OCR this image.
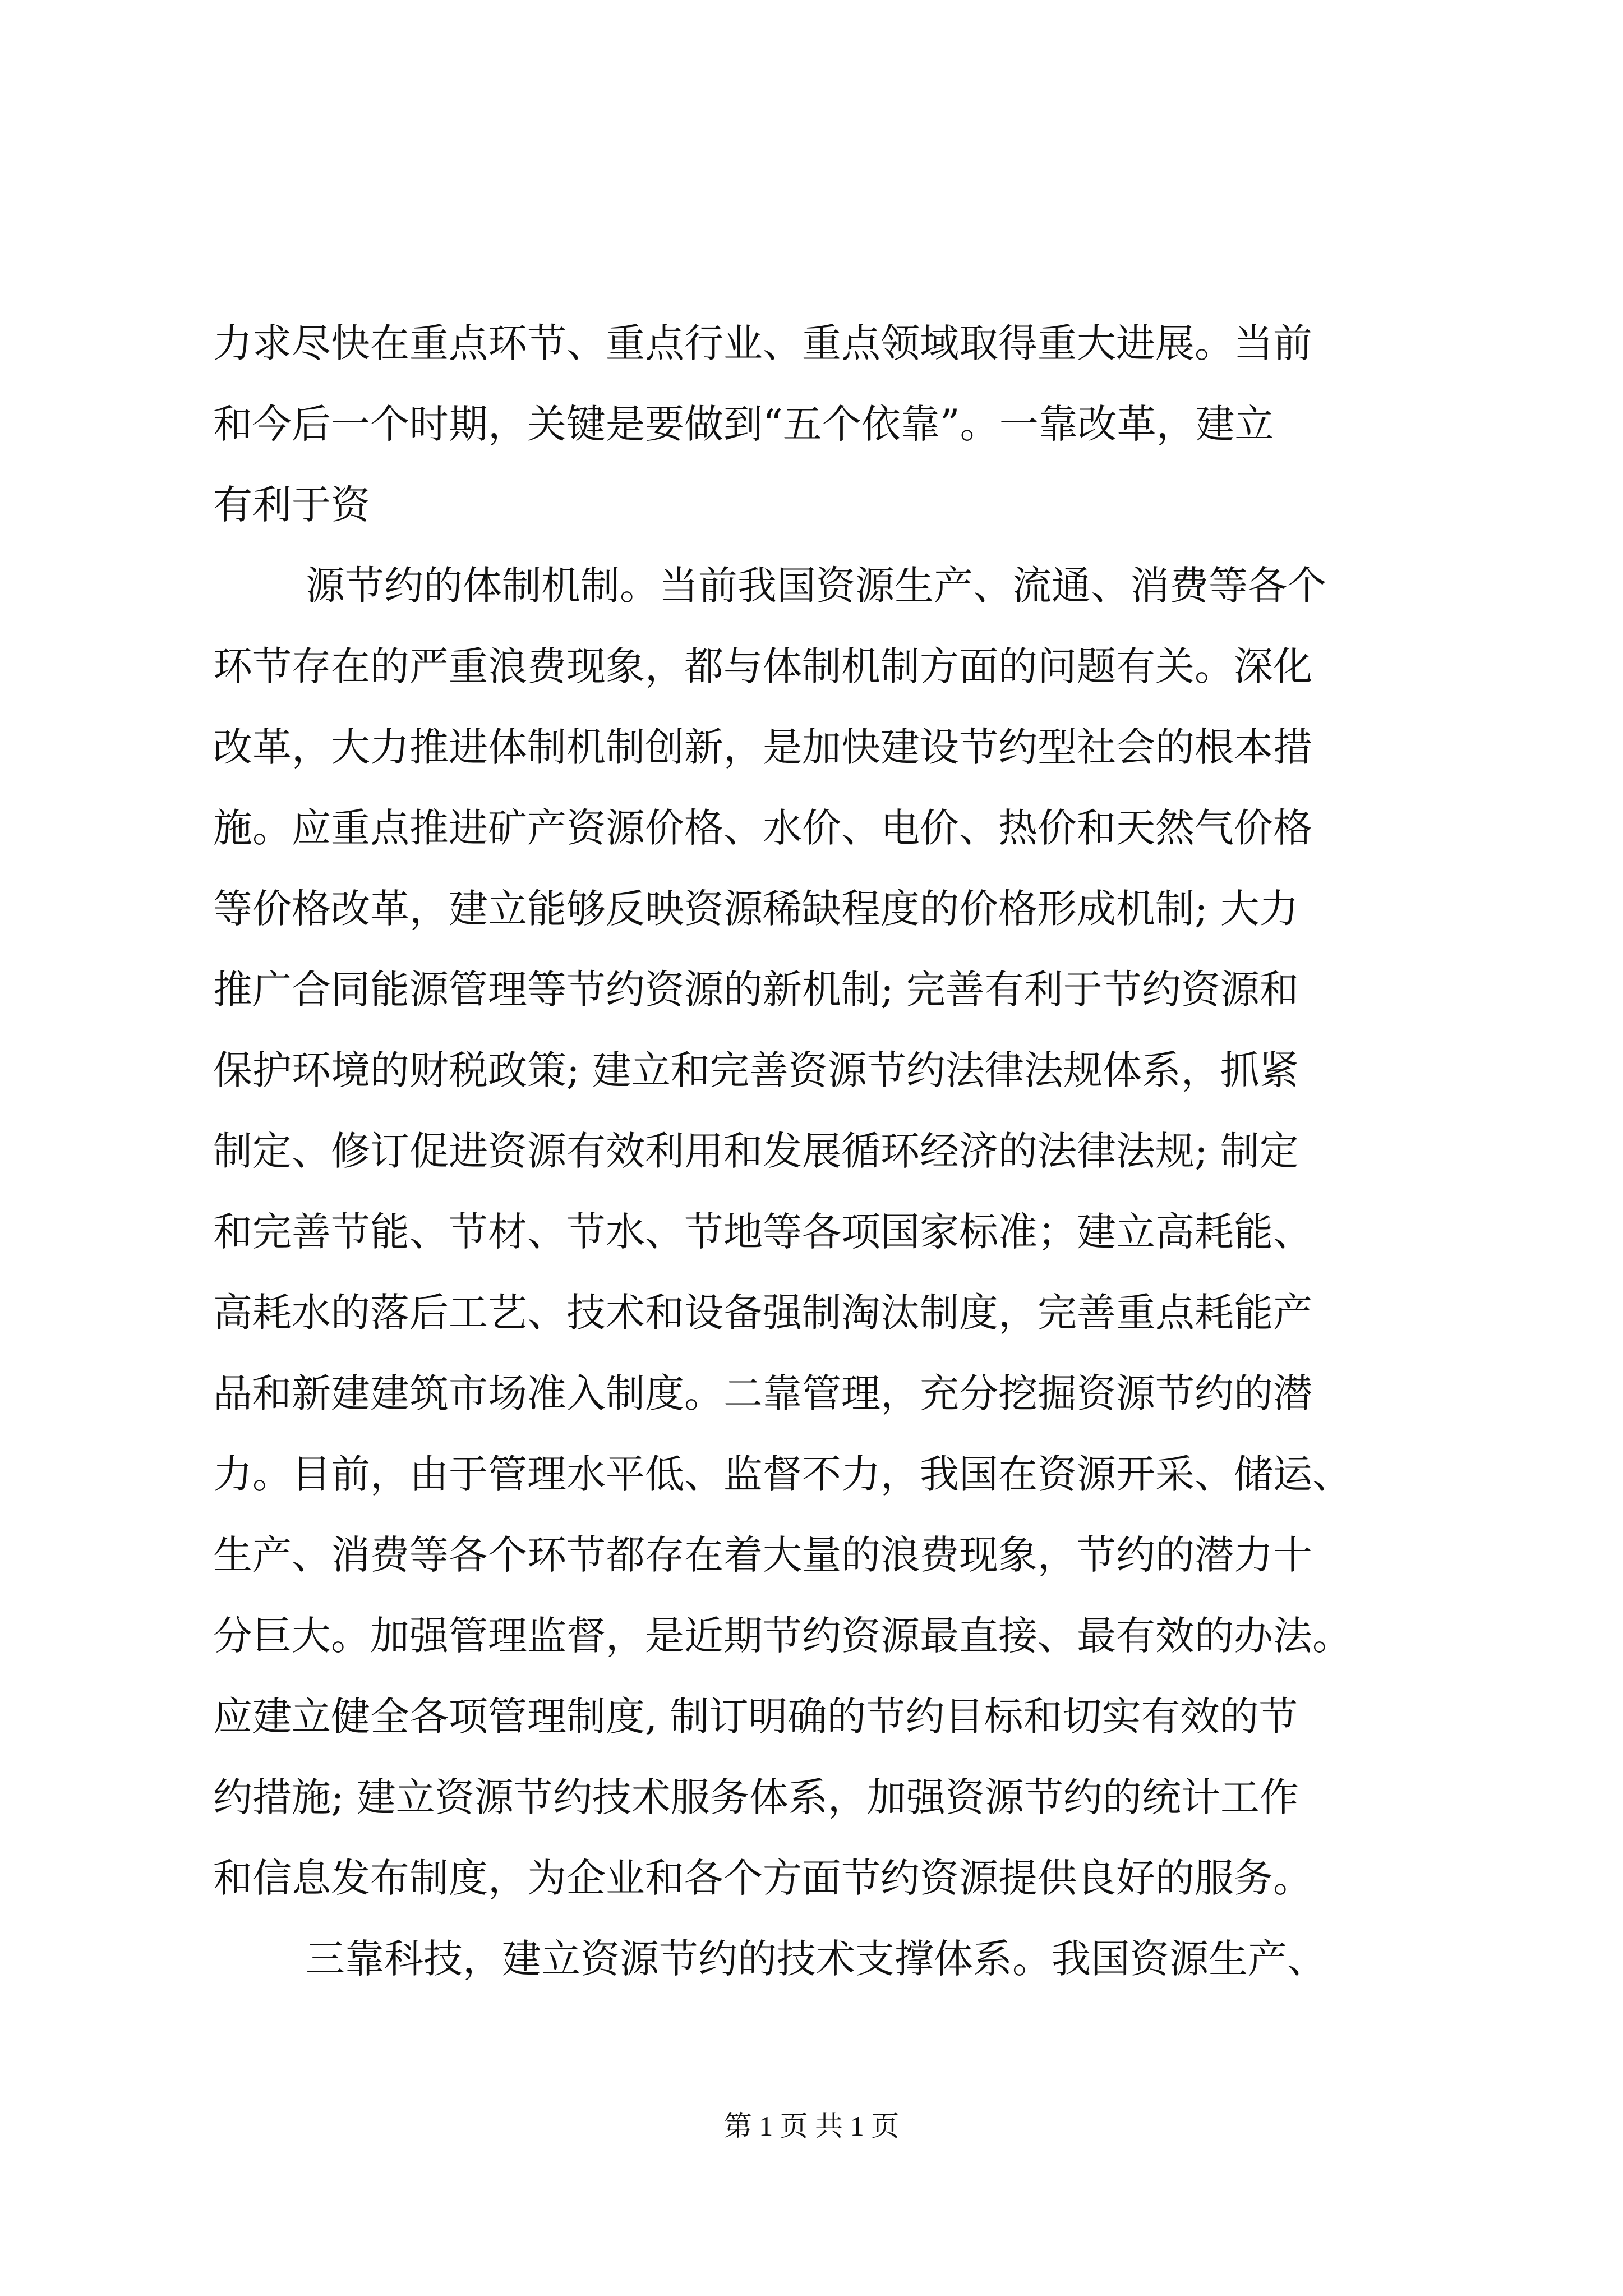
力求尽快在重点环节、重点行业、重点领域取得重大进展。当前
和今后一个时期，关键是要做到“五个依靠”。一靠改革，建立
有利于资
源节约的体制机制。当前我国资源生产、流通、消费等各个
环节存在的严重浪费现象，都与体制机制方面的问题有关。深化
改革，大力推进体制机制创新，是加快建设节约型社会的根本措
施。应重点推进矿产资源价格、水价、电价、热价和天然气价格
等价格改革，建立能够反映资源稀缺程度的价格形成机制; 大力
推广合同能源管理等节约资源的新机制; 完善有利于节约资源和
保护环境的财税政策; 建立和完善资源节约法律法规体系，抓紧
制定、修订促进资源有效利用和发展循环经济的法律法规; 制定
和完善节能、节材、节水、节地等各项国家标准；建立高耗能、
高耗水的落后工艺、技术和设备强制淘汰制度，完善重点耗能产
品和新建建筑市场准入制度。二靠管理，充分挖掘资源节约的潜
力。目前，由于管理水平低、监督不力，我国在资源开采、储运、
生产、消费等各个环节都存在着大量的浪费现象，节约的潜力十
分巨大。加强管理监督，是近期节约资源最直接、最有效的办法。
应建立健全各项管理制度, 制订明确的节约目标和切实有效的节
约措施; 建立资源节约技术服务体系，加强资源节约的统计工作
和信息发布制度，为企业和各个方面节约资源提供良好的服务。
三靠科技，建立资源节约的技术支撑体系。我国资源生产、
第 1 页 共 1 页
